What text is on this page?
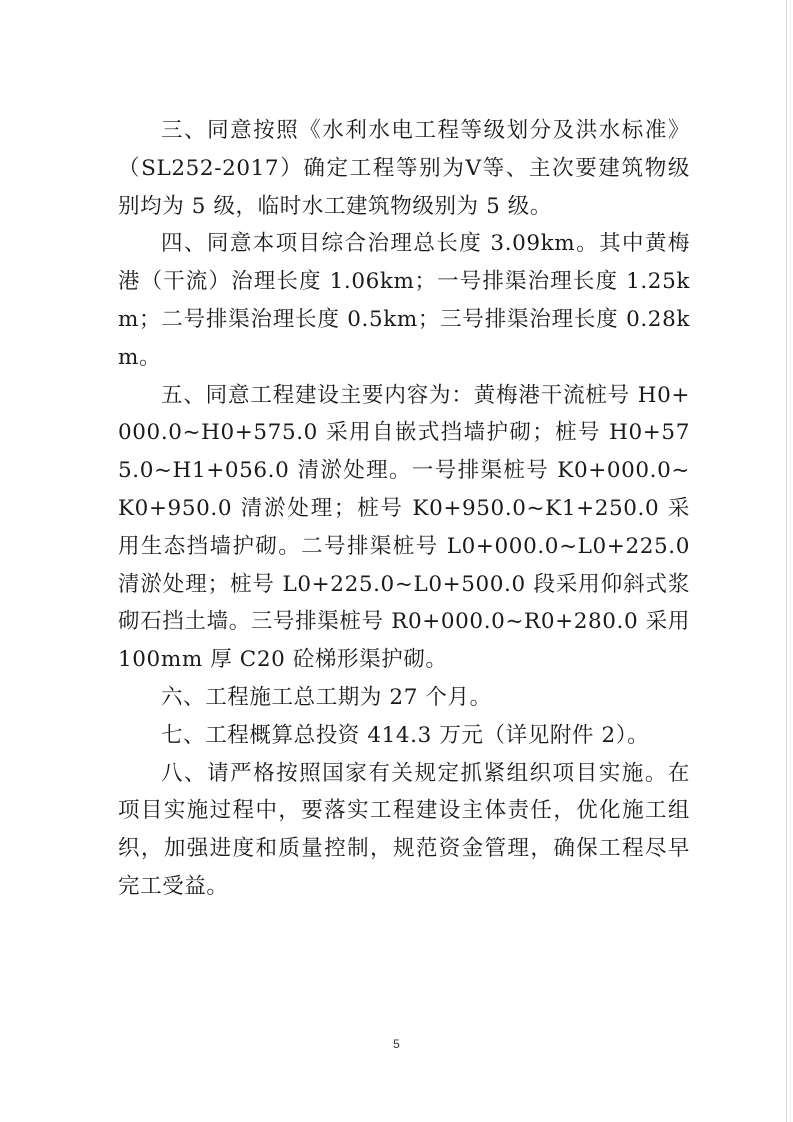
三、同意按照《水利水电工程等级划分及洪水标准》（SL252-2017）确定工程等别为Ⅴ等、主次要建筑物级别均为 5 级，临时水工建筑物级别为 5 级。

四、同意本项目综合治理总长度 3.09km。其中黄梅港（干流）治理长度 1.06km；一号排渠治理长度 1.25km；二号排渠治理长度 0.5km；三号排渠治理长度 0.28km。

五、同意工程建设主要内容为：黄梅港干流桩号 H0+000.0~H0+575.0 采用自嵌式挡墙护砌；桩号 H0+575.0~H1+056.0 清淤处理。一号排渠桩号 K0+000.0~K0+950.0 清淤处理；桩号 K0+950.0~K1+250.0 采用生态挡墙护砌。二号排渠桩号 L0+000.0~L0+225.0 清淤处理；桩号 L0+225.0~L0+500.0 段采用仰斜式浆砌石挡土墙。三号排渠桩号 R0+000.0~R0+280.0 采用 100mm 厚 C20 砼梯形渠护砌。

六、工程施工总工期为 27 个月。

七、工程概算总投资 414.3 万元（详见附件 2）。

八、请严格按照国家有关规定抓紧组织项目实施。在项目实施过程中，要落实工程建设主体责任，优化施工组织，加强进度和质量控制，规范资金管理，确保工程尽早完工受益。

5
